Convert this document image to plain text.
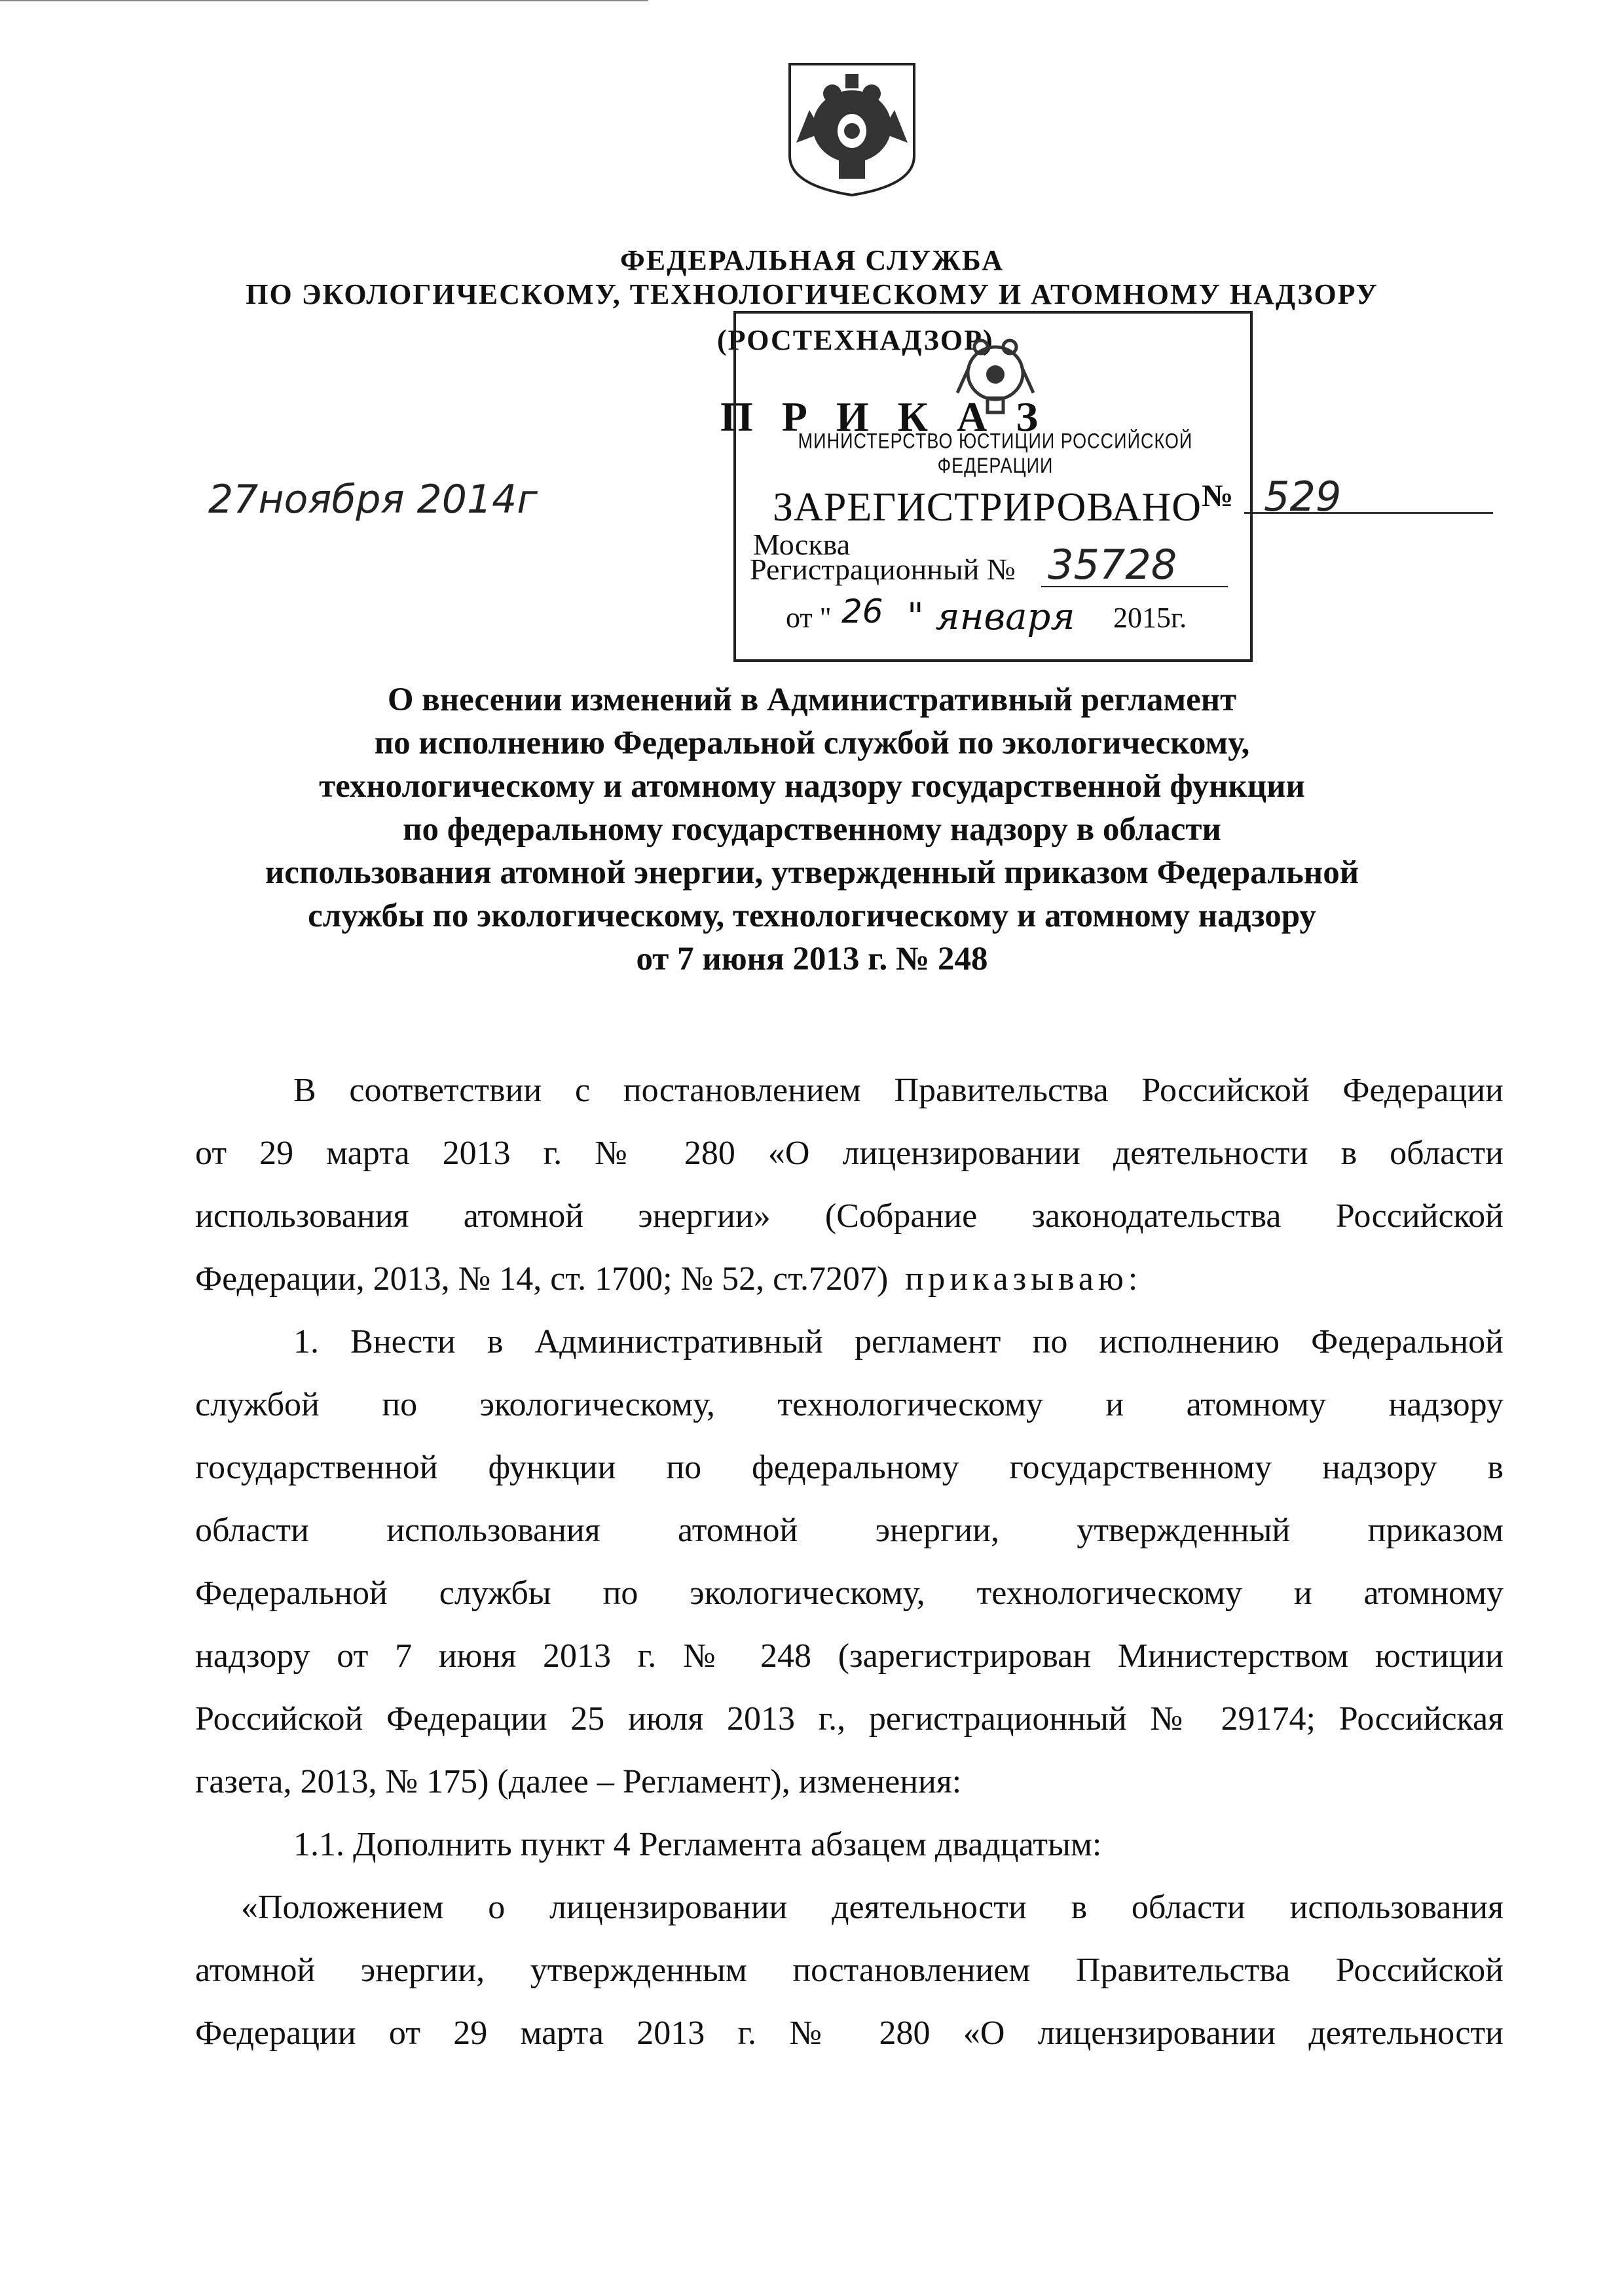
ФЕДЕРАЛЬНАЯ СЛУЖБА
ПО ЭКОЛОГИЧЕСКОМУ, ТЕХНОЛОГИЧЕСКОМУ И АТОМНОМУ НАДЗОРУ
(РОСТЕХНАДЗОР)
П Р И К А З
27ноября 2014г	№ 529
МИНИСТЕРСТВО ЮСТИЦИИ РОССИЙСКОЙ ФЕДЕРАЦИИ
ЗАРЕГИСТРИРОВАНО
Москва
Регистрационный № 35728
от " 26 " января 2015г.
О внесении изменений в Административный регламент
по исполнению Федеральной службой по экологическому,
технологическому и атомному надзору государственной функции
по федеральному государственному надзору в области
использования атомной энергии, утвержденный приказом Федеральной
службы по экологическому, технологическому и атомному надзору
от 7 июня 2013 г. № 248
В соответствии с постановлением Правительства Российской Федерации
от 29 марта 2013 г. № 280 «О лицензировании деятельности в области
использования атомной энергии» (Собрание законодательства Российской
Федерации, 2013, № 14, ст. 1700; № 52, ст.7207) приказываю:
1. Внести в Административный регламент по исполнению Федеральной
службой по экологическому, технологическому и атомному надзору
государственной функции по федеральному государственному надзору в
области использования атомной энергии, утвержденный приказом
Федеральной службы по экологическому, технологическому и атомному
надзору от 7 июня 2013 г. № 248 (зарегистрирован Министерством юстиции
Российской Федерации 25 июля 2013 г., регистрационный № 29174; Российская
газета, 2013, № 175) (далее – Регламент), изменения:
1.1. Дополнить пункт 4 Регламента абзацем двадцатым:
«Положением о лицензировании деятельности в области использования
атомной энергии, утвержденным постановлением Правительства Российской
Федерации от 29 марта 2013 г. № 280 «О лицензировании деятельности
